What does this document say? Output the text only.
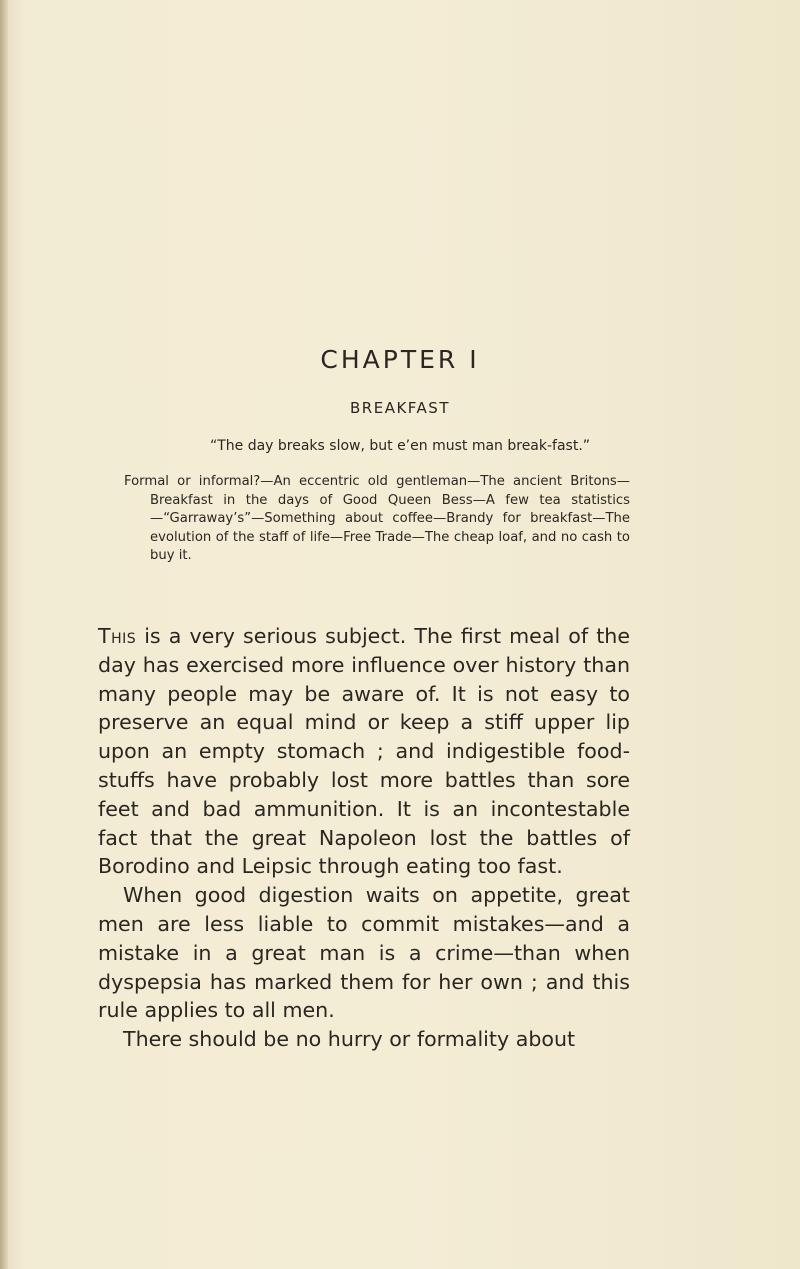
CHAPTER I
BREAKFAST
“The day breaks slow, but e’en must man break-fast.”
Formal or informal?—An eccentric old gentleman—The ancient Britons—Breakfast in the days of Good Queen Bess—A few tea statistics—“Garraway’s”—Something about coffee—Brandy for breakfast—The evolution of the staff of life—Free Trade—The cheap loaf, and no cash to buy it.

This is a very serious subject. The first meal of the day has exercised more influence over history than many people may be aware of. It is not easy to preserve an equal mind or keep a stiff upper lip upon an empty stomach ; and indigestible food-stuffs have probably lost more battles than sore feet and bad ammunition. It is an incontestable fact that the great Napoleon lost the battles of Borodino and Leipsic through eating too fast.

When good digestion waits on appetite, great men are less liable to commit mistakes—and a mistake in a great man is a crime—than when dyspepsia has marked them for her own ; and this rule applies to all men.

There should be no hurry or formality about
